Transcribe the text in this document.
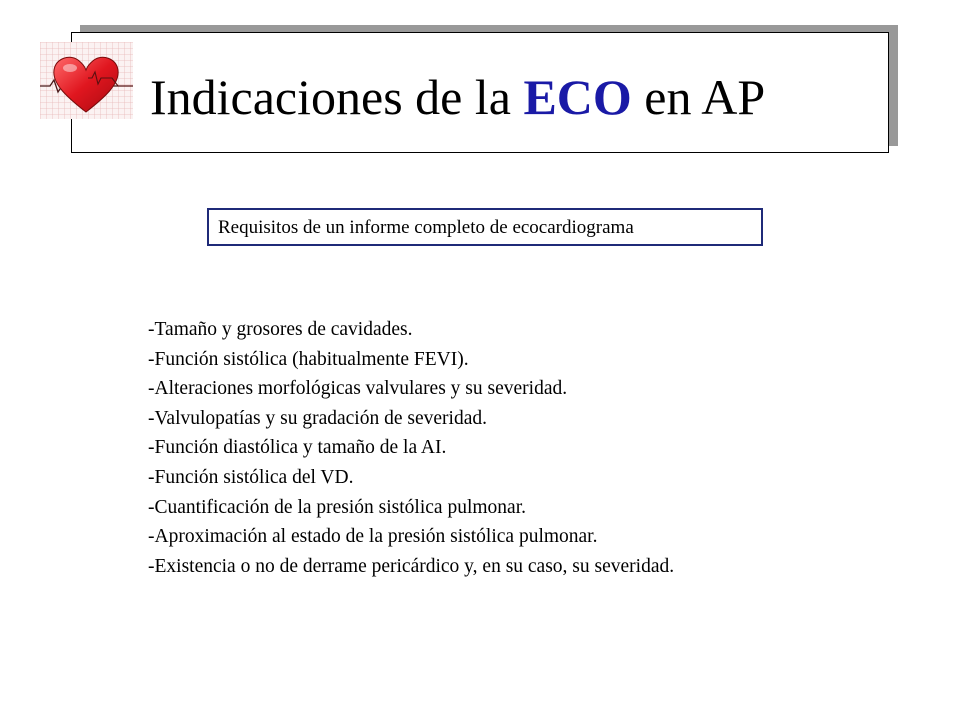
Indicaciones de la ECO en AP
Requisitos de un informe completo de ecocardiograma
-Tamaño y grosores de cavidades.
-Función sistólica (habitualmente FEVI).
-Alteraciones morfológicas valvulares y su severidad.
-Valvulopatías y su gradación de severidad.
-Función diastólica y tamaño de la AI.
-Función sistólica del VD.
-Cuantificación de la presión sistólica pulmonar.
-Aproximación al estado de la presión sistólica pulmonar.
-Existencia o no de derrame pericárdico y, en su caso, su severidad.
